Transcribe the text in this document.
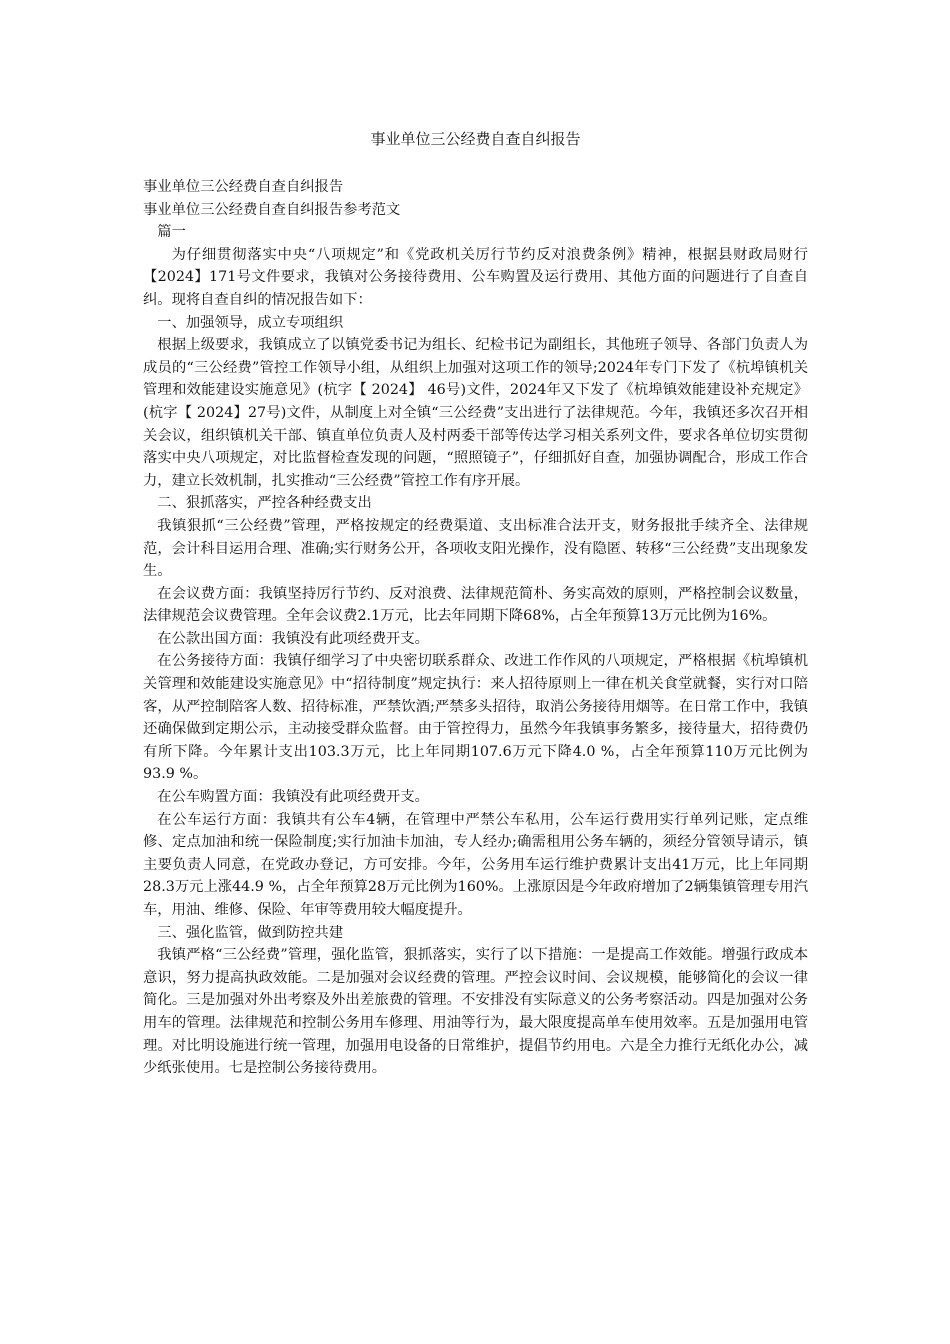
事业单位三公经费自查自纠报告

事业单位三公经费自查自纠报告

事业单位三公经费自查自纠报告参考范文

篇一

为仔细贯彻落实中央“八项规定”和《党政机关厉行节约反对浪费条例》精神，根据县财政局财行【2024】171号文件要求，我镇对公务接待费用、公车购置及运行费用、其他方面的问题进行了自查自纠。现将自查自纠的情况报告如下：

一、加强领导，成立专项组织

根据上级要求，我镇成立了以镇党委书记为组长、纪检书记为副组长，其他班子领导、各部门负责人为成员的“三公经费”管控工作领导小组，从组织上加强对这项工作的领导;2024年专门下发了《杭埠镇机关管理和效能建设实施意见》(杭字【 2024】 46号)文件，2024年又下发了《杭埠镇效能建设补充规定》(杭字【 2024】27号)文件，从制度上对全镇“三公经费”支出进行了法律规范。今年，我镇还多次召开相关会议，组织镇机关干部、镇直单位负责人及村两委干部等传达学习相关系列文件，要求各单位切实贯彻落实中央八项规定，对比监督检查发现的问题，“照照镜子”，仔细抓好自查，加强协调配合，形成工作合力，建立长效机制，扎实推动“三公经费”管控工作有序开展。

二、狠抓落实，严控各种经费支出

我镇狠抓“三公经费”管理，严格按规定的经费渠道、支出标准合法开支，财务报批手续齐全、法律规范，会计科目运用合理、准确;实行财务公开，各项收支阳光操作，没有隐匿、转移“三公经费”支出现象发生。

在会议费方面：我镇坚持厉行节约、反对浪费、法律规范简朴、务实高效的原则，严格控制会议数量，法律规范会议费管理。全年会议费2.1万元，比去年同期下降68%，占全年预算13万元比例为16%。

在公款出国方面：我镇没有此项经费开支。

在公务接待方面：我镇仔细学习了中央密切联系群众、改进工作作风的八项规定，严格根据《杭埠镇机关管理和效能建设实施意见》中“招待制度”规定执行：来人招待原则上一律在机关食堂就餐，实行对口陪客，从严控制陪客人数、招待标准，严禁饮酒;严禁多头招待，取消公务接待用烟等。在日常工作中，我镇还确保做到定期公示，主动接受群众监督。由于管控得力，虽然今年我镇事务繁多，接待量大，招待费仍有所下降。今年累计支出103.3万元，比上年同期107.6万元下降4.0 %，占全年预算110万元比例为93.9 %。

在公车购置方面：我镇没有此项经费开支。

在公车运行方面：我镇共有公车4辆，在管理中严禁公车私用，公车运行费用实行单列记账，定点维修、定点加油和统一保险制度;实行加油卡加油，专人经办;确需租用公务车辆的，须经分管领导请示，镇主要负责人同意，在党政办登记，方可安排。今年，公务用车运行维护费累计支出41万元，比上年同期28.3万元上涨44.9 %，占全年预算28万元比例为160%。上涨原因是今年政府增加了2辆集镇管理专用汽车，用油、维修、保险、年审等费用较大幅度提升。

三、强化监管，做到防控共建

我镇严格“三公经费”管理，强化监管，狠抓落实，实行了以下措施：一是提高工作效能。增强行政成本意识，努力提高执政效能。二是加强对会议经费的管理。严控会议时间、会议规模，能够简化的会议一律简化。三是加强对外出考察及外出差旅费的管理。不安排没有实际意义的公务考察活动。四是加强对公务用车的管理。法律规范和控制公务用车修理、用油等行为，最大限度提高单车使用效率。五是加强用电管理。对比明设施进行统一管理，加强用电设备的日常维护，提倡节约用电。六是全力推行无纸化办公，减少纸张使用。七是控制公务接待费用。
